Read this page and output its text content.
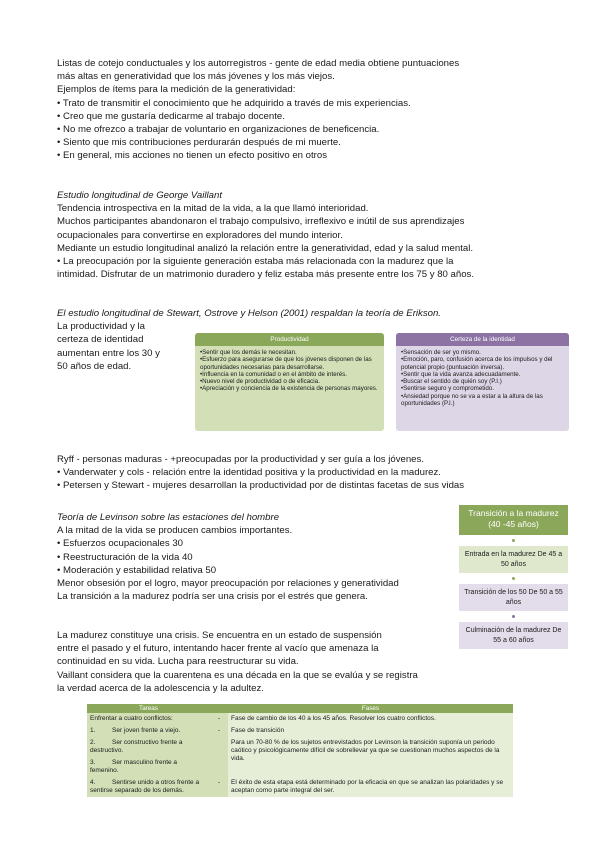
Listas de cotejo conductuales y los autorregistros - gente de edad media obtiene puntuaciones

más altas en generatividad que los más jóvenes y los más viejos.

Ejemplos de ítems para la medición de la generatividad:

• Trato de transmitir el conocimiento que he adquirido a través de mis experiencias.

• Creo que me gustaría dedicarme al trabajo docente.

• No me ofrezco a trabajar de voluntario en organizaciones de beneficencia.

• Siento que mis contribuciones perdurarán después de mi muerte.

• En general, mis acciones no tienen un efecto positivo en otros

Estudio longitudinal de George Vaillant

Tendencia introspectiva en la mitad de la vida, a la que llamó interioridad.

Muchos participantes abandonaron el trabajo compulsivo, irreflexivo e inútil de sus aprendizajes

ocupacionales para convertirse en exploradores del mundo interior.

Mediante un estudio longitudinal analizó la relación entre la generatividad, edad y la salud mental.

• La preocupación por la siguiente generación estaba más relacionada con la madurez que la

intimidad. Disfrutar de un matrimonio duradero y feliz estaba más presente entre los 75 y 80 años.

El estudio longitudinal de Stewart, Ostrove y Helson (2001) respaldan la teoría de Erikson.

La productividad y la

certeza de identidad

aumentan entre los 30 y

50 años de edad.

Productividad
•Sentir que los demás le necesitan.
•Esfuerzo para asegurarse de que los jóvenes disponen de las oportunidades necesarias para desarrollarse.
•Influencia en la comunidad o en el ámbito de interés.
•Nuevo nivel de productividad o de eficacia.
•Apreciación y conciencia de la existencia de personas mayores.
Certeza de la identidad
•Sensación de ser yo mismo.
•Emoción, paro, confusión acerca de los impulsos y del potencial propio (puntuación inversa).
•Sentir que la vida avanza adecuadamente.
•Buscar el sentido de quién soy (P.I.)
•Sentirse seguro y comprometido.
•Ansiedad porque no se va a estar a la altura de las oportunidades (P.I.)

Ryff - personas maduras - +preocupadas por la productividad y ser guía a los jóvenes.

• Vanderwater y cols - relación entre la identidad positiva y la productividad en la madurez.

• Petersen y Stewart - mujeres desarrollan la productividad por de distintas facetas de sus vidas

Teoría de Levinson sobre las estaciones del hombre

A la mitad de la vida se producen cambios importantes.

• Esfuerzos ocupacionales 30

• Reestructuración de la vida 40

• Moderación y estabilidad relativa 50

Menor obsesión por el logro, mayor preocupación por relaciones y generatividad

La transición a la madurez podría ser una crisis por el estrés que genera.

La madurez constituye una crisis. Se encuentra en un estado de suspensión

entre el pasado y el futuro, intentando hacer frente al vacío que amenaza la

continuidad en su vida. Lucha para reestructurar su vida.

Vaillant considera que la cuarentena es una década en la que se evalúa y se registra

la verdad acerca de la adolescencia y la adultez.

Transición a la madurez (40 -45 años)
Entrada en la madurez De 45 a 50 años
Transición de los 50 De 50 a 55 años
Culminación de la madurez De 55 a 60 años
Tareas		Fases
Enfrentar a cuatro conflictos:	-	Fase de cambio de los 40 a los 45 años. Resolver los cuatro conflictos.
1. Ser joven frente a viejo.	-	Fase de transición
2. Ser constructivo frente a destructivo.		Para un 70-80 % de los sujetos entrevistados por Levinson la transición suponía un periodo caótico y psicológicamente difícil de sobrellevar ya que se cuestionan muchos aspectos de la vida.
3. Ser masculino frente a femenino.		
4. Sentirse unido a otros frente a sentirse separado de los demás.	-	El éxito de esta etapa está determinado por la eficacia en que se analizan las polaridades y se aceptan como parte integral del ser.
